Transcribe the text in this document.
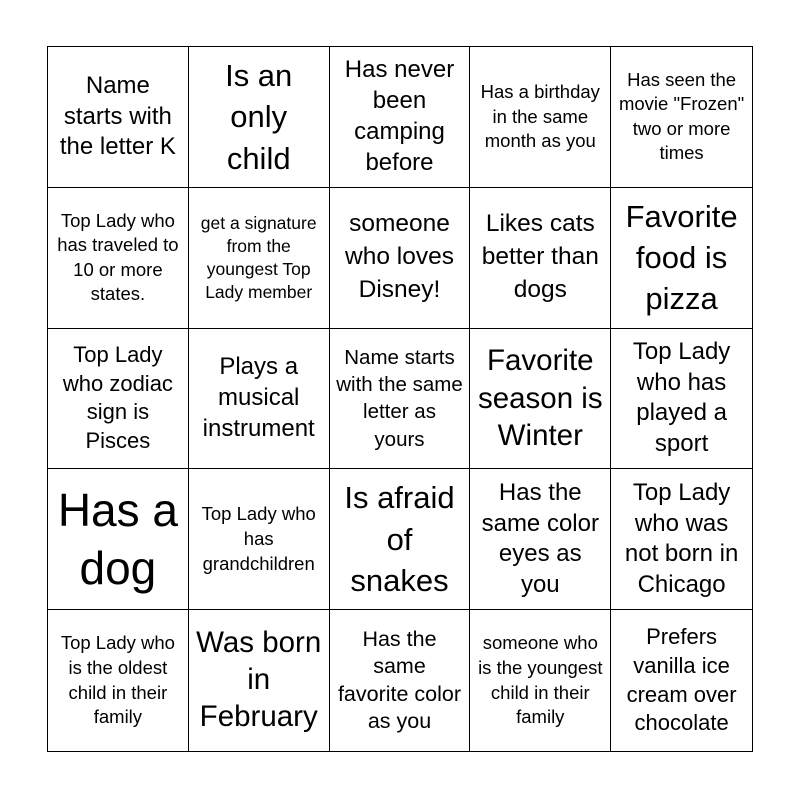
Name starts with the letter K
Is an only child
Has never been camping before
Has a birthday in the same month as you
Has seen the movie "Frozen" two or more times
Top Lady who has traveled to 10 or more states.
get a signature from the youngest Top Lady member
someone who loves Disney!
Likes cats better than dogs
Favorite food is pizza
Top Lady who zodiac sign is Pisces
Plays a musical instrument
Name starts with the same letter as yours
Favorite season is Winter
Top Lady who has played a sport
Has a dog
Top Lady who has grandchildren
Is afraid of snakes
Has the same color eyes as you
Top Lady who was not born in Chicago
Top Lady who is the oldest child in their family
Was born in February
Has the same favorite color as you
someone who is the youngest child in their family
Prefers vanilla ice cream over chocolate
